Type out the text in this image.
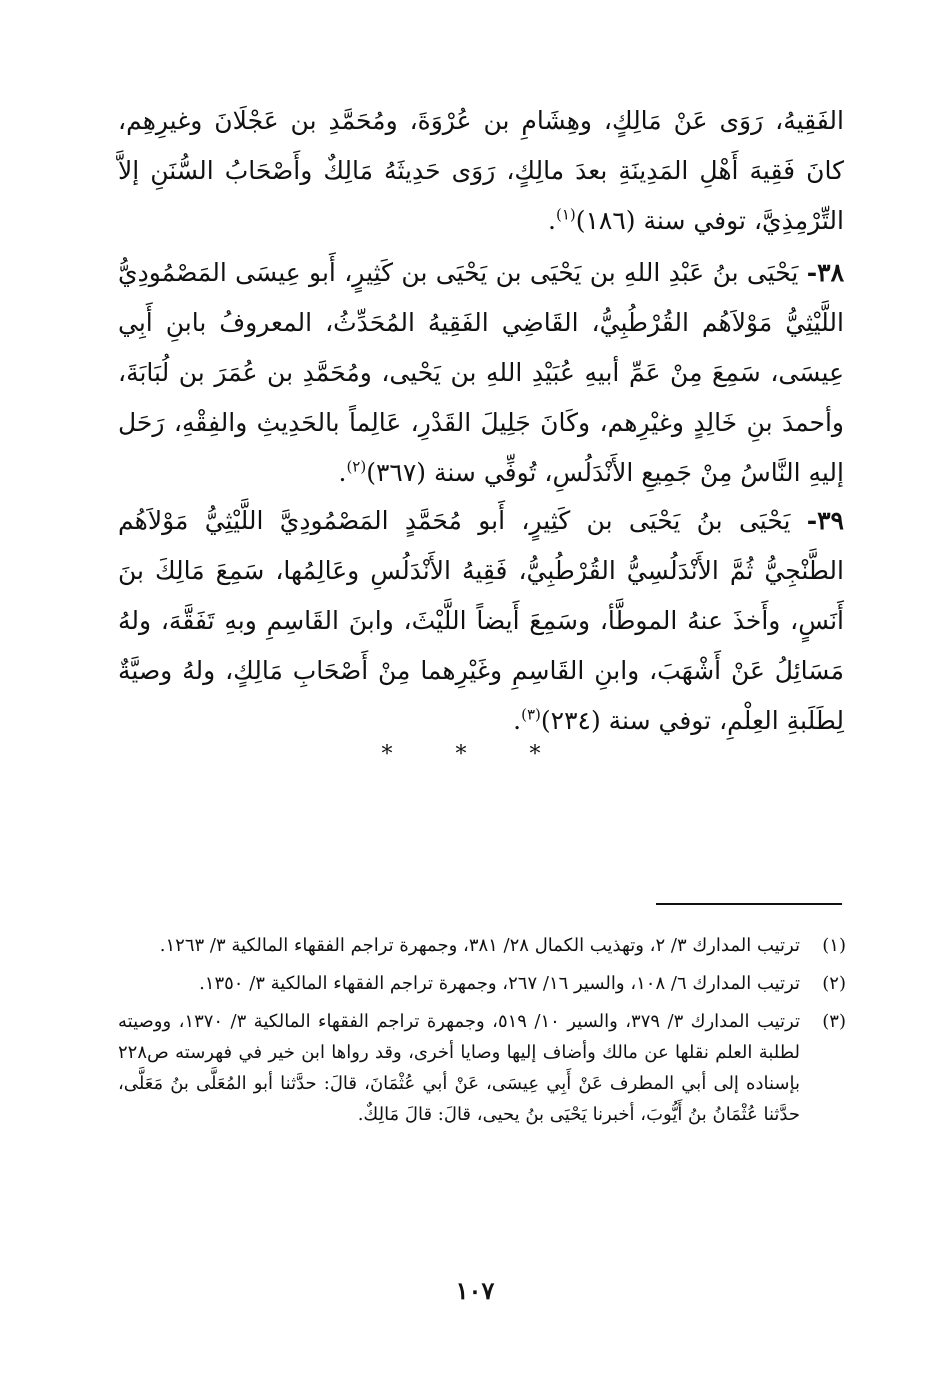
الفَقِيهُ، رَوَى عَنْ مَالِكٍ، وهِشَامِ بن عُرْوَةَ، ومُحَمَّدِ بن عَجْلَانَ وغيرِهِم، كانَ فَقِيهَ أَهْلِ المَدِينَةِ بعدَ مالِكٍ، رَوَى حَدِيثَهُ مَالِكٌ وأَصْحَابُ السُّنَنِ إلاَّ التِّرْمِذِيَّ، توفي سنة (١٨٦)$^{(١)}$.

٣٨- يَحْيَى بنُ عَبْدِ اللهِ بن يَحْيَى بن يَحْيَى بن كَثِيرٍ، أَبو عِيسَى المَصْمُودِيُّ اللَّيْثِيُّ مَوْلاَهُم القُرْطُبِيُّ، القَاضِي الفَقِيهُ المُحَدِّثُ، المعروفُ بابنِ أَبِي عِيسَى، سَمِعَ مِنْ عَمِّ أبيهِ عُبَيْدِ اللهِ بن يَحْيى، ومُحَمَّدِ بن عُمَرَ بن لُبَابَةَ، وأحمدَ بنِ خَالِدٍ وغيْرِهم، وكَانَ جَلِيلَ القَدْرِ، عَالِماً بالحَدِيثِ والفِقْهِ، رَحَل إليهِ النَّاسُ مِنْ جَمِيعِ الأَنْدَلُسِ، تُوفِّي سنة (٣٦٧)$^{(٢)}$.

٣٩- يَحْيَى بنُ يَحْيَى بن كَثِيرٍ، أَبو مُحَمَّدٍ المَصْمُودِيَّ اللَّيْثِيُّ مَوْلاَهُم الطَّنْجِيُّ ثُمَّ الأَنْدَلُسِيُّ القُرْطُبِيُّ، فَقِيهُ الأَنْدَلُسِ وعَالِمُها، سَمِعَ مَالِكَ بنَ أَنَسٍ، وأَخذَ عنهُ الموطَّأ، وسَمِعَ أَيضاً اللَّيْثَ، وابنَ القَاسِمِ وبهِ تَفَقَّهَ، ولهُ مَسَائِلُ عَنْ أَشْهَبَ، وابنِ القَاسِمِ وغَيْرِهما مِنْ أَصْحَابِ مَالِكٍ، ولهُ وصيَّةٌ لِطَلَبةِ العِلْمِ، توفي سنة (٢٣٤)$^{(٣)}$.

* * *
(١)
ترتيب المدارك ٣/ ٢، وتهذيب الكمال ٢٨/ ٣٨١، وجمهرة تراجم الفقهاء المالكية ٣/ ١٢٦٣.
(٢)
ترتيب المدارك ٦/ ١٠٨، والسير ١٦/ ٢٦٧، وجمهرة تراجم الفقهاء المالكية ٣/ ١٣٥٠.
(٣)
ترتيب المدارك ٣/ ٣٧٩، والسير ١٠/ ٥١٩، وجمهرة تراجم الفقهاء المالكية ٣/ ١٣٧٠، ووصيته لطلبة العلم نقلها عن مالك وأضاف إليها وصايا أخرى، وقد رواها ابن خير في فهرسته ص٢٢٨ بإسناده إلى أبي المطرف عَنْ أَبِي عِيسَى، عَنْ أبي عُثْمَانَ، قالَ: حدَّثنا أبو المُعَلَّى بنُ مَعَلَّى، حدَّثنا عُثْمَانُ بنُ أَيُّوبَ، أخبرنا يَحْيَى بنُ يحيى، قالَ: قالَ مَالِكٌ.
١٠٧
